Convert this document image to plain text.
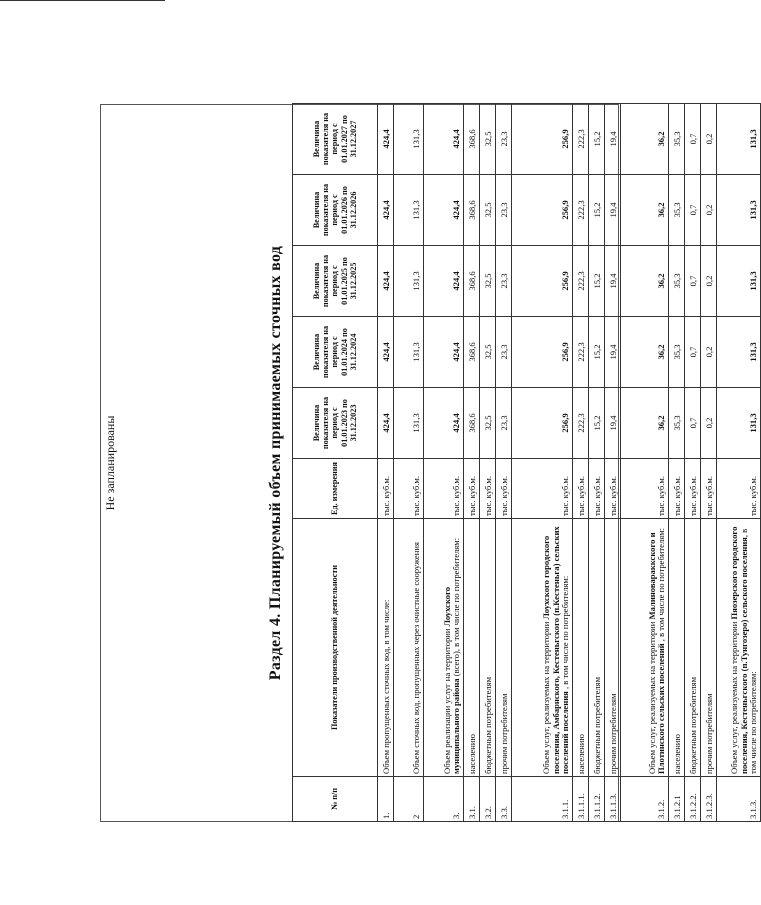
Не запланированы	Раздел 4. Планируемый объем принимаемых сточных вод
№ п/п	Показатели производственной деятельности	Ед. измерения	Величина показателя на период с 01.01.2023 по 31.12.2023	Величина показателя на период с 01.01.2024 по 31.12.2024	Величина показателя на период с 01.01.2025 по 31.12.2025	Величина показателя на период с 01.01.2026 по 31.12.2026	Величина показателя на период с 01.01.2027 по 31.12.2027
1.	Объем пропущенных сточных вод, в том числе:	тыс. куб.м.	424,4	424,4	424,4	424,4	424,4
2	Объем сточных вод, пропущенных через очистные сооружения	тыс. куб.м.	131,3	131,3	131,3	131,3	131,3
3.	Объем реализации услуг на территории Лоухского муниципального района (всего), в том числе по потребителям:	тыс. куб.м.	424,4	424,4	424,4	424,4	424,4
3.1.	населению	тыс. куб.м.	368,6	368,6	368,6	368,6	368,6
3.2.	бюджетным потребителям	тыс. куб.м.	32,5	32,5	32,5	32,5	32,5
3.3.	прочим потребителям	тыс. куб.м.	23,3	23,3	23,3	23,3	23,3
3.1.1.	Объем услуг, реализуемых на территории Лоухского городского поселения, Амбарнского, Кестеньгского (п.Кестеньга) сельских поселений поселения , в том числе по потребителям:	тыс. куб.м.	256,9	256,9	256,9	256,9	256,9
3.1.1.1.	населению	тыс. куб.м.	222,3	222,3	222,3	222,3	222,3
3.1.1.2.	бюджетным потребителям	тыс. куб.м.	15,2	15,2	15,2	15,2	15,2
3.1.1.3.	прочим потребителям	тыс. куб.м.	19,4	19,4	19,4	19,4	19,4
3.1.2.	Объем услуг, реализуемых на территории Малиновараккского и Плотинского сельских поселений , в том числе по потребителям:	тыс. куб.м.	36,2	36,2	36,2	36,2	36,2
3.1.2.1	населению	тыс. куб.м.	35,3	35,3	35,3	35,3	35,3
3.1.2.2.	бюджетным потребителям	тыс. куб.м.	0,7	0,7	0,7	0,7	0,7
3.1.2.3.	прочим потребителям	тыс. куб.м.	0,2	0,2	0,2	0,2	0,2
3.1.3.	Объем услуг, реализуемых на территории Пяозерского городского поселения, Кестеньгского (п.Тунгозеро) сельского поселения, в том числе по потребителям:	тыс. куб.м.	131,3	131,3	131,3	131,3	131,3
